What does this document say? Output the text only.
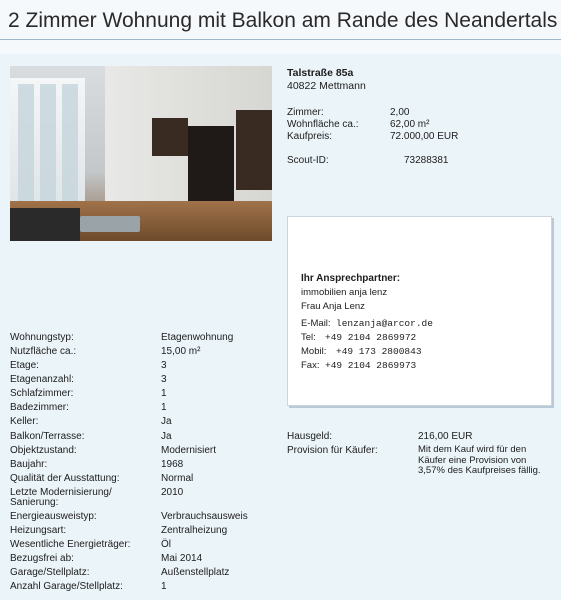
2 Zimmer Wohnung mit Balkon am Rande des Neandertals
Talstraße 85a
40822 Mettmann
Zimmer:	2,00
Wohnfläche ca.:	62,00 m²
Kaufpreis:	72.000,00 EUR
Scout-ID:	73288381
Ihr Ansprechpartner:
immobilien anja lenz
Frau Anja Lenz
E-Mail: lenzanja@arcor.de
Tel: +49 2104 2869972
Mobil: +49 173 2800843
Fax: +49 2104 2869973
Wohnungstyp:	Etagenwohnung
Nutzfläche ca.:	15,00 m²
Etage:	3
Etagenanzahl:	3
Schlafzimmer:	1
Badezimmer:	1
Keller:	Ja
Balkon/Terrasse:	Ja
Objektzustand:	Modernisiert
Baujahr:	1968
Qualität der Ausstattung:	Normal
Letzte Modernisierung/
Sanierung:
2010
Energieausweistyp:	Verbrauchsausweis
Heizungsart:	Zentralheizung
Wesentliche Energieträger:	Öl
Bezugsfrei ab:	Mai 2014
Garage/Stellplatz:	Außenstellplatz
Anzahl Garage/Stellplatz:	1
Hausgeld:	216,00 EUR
Provision für Käufer:	Mit dem Kauf wird für den Käufer eine Provision von 3,57% des Kaufpreises fällig.
